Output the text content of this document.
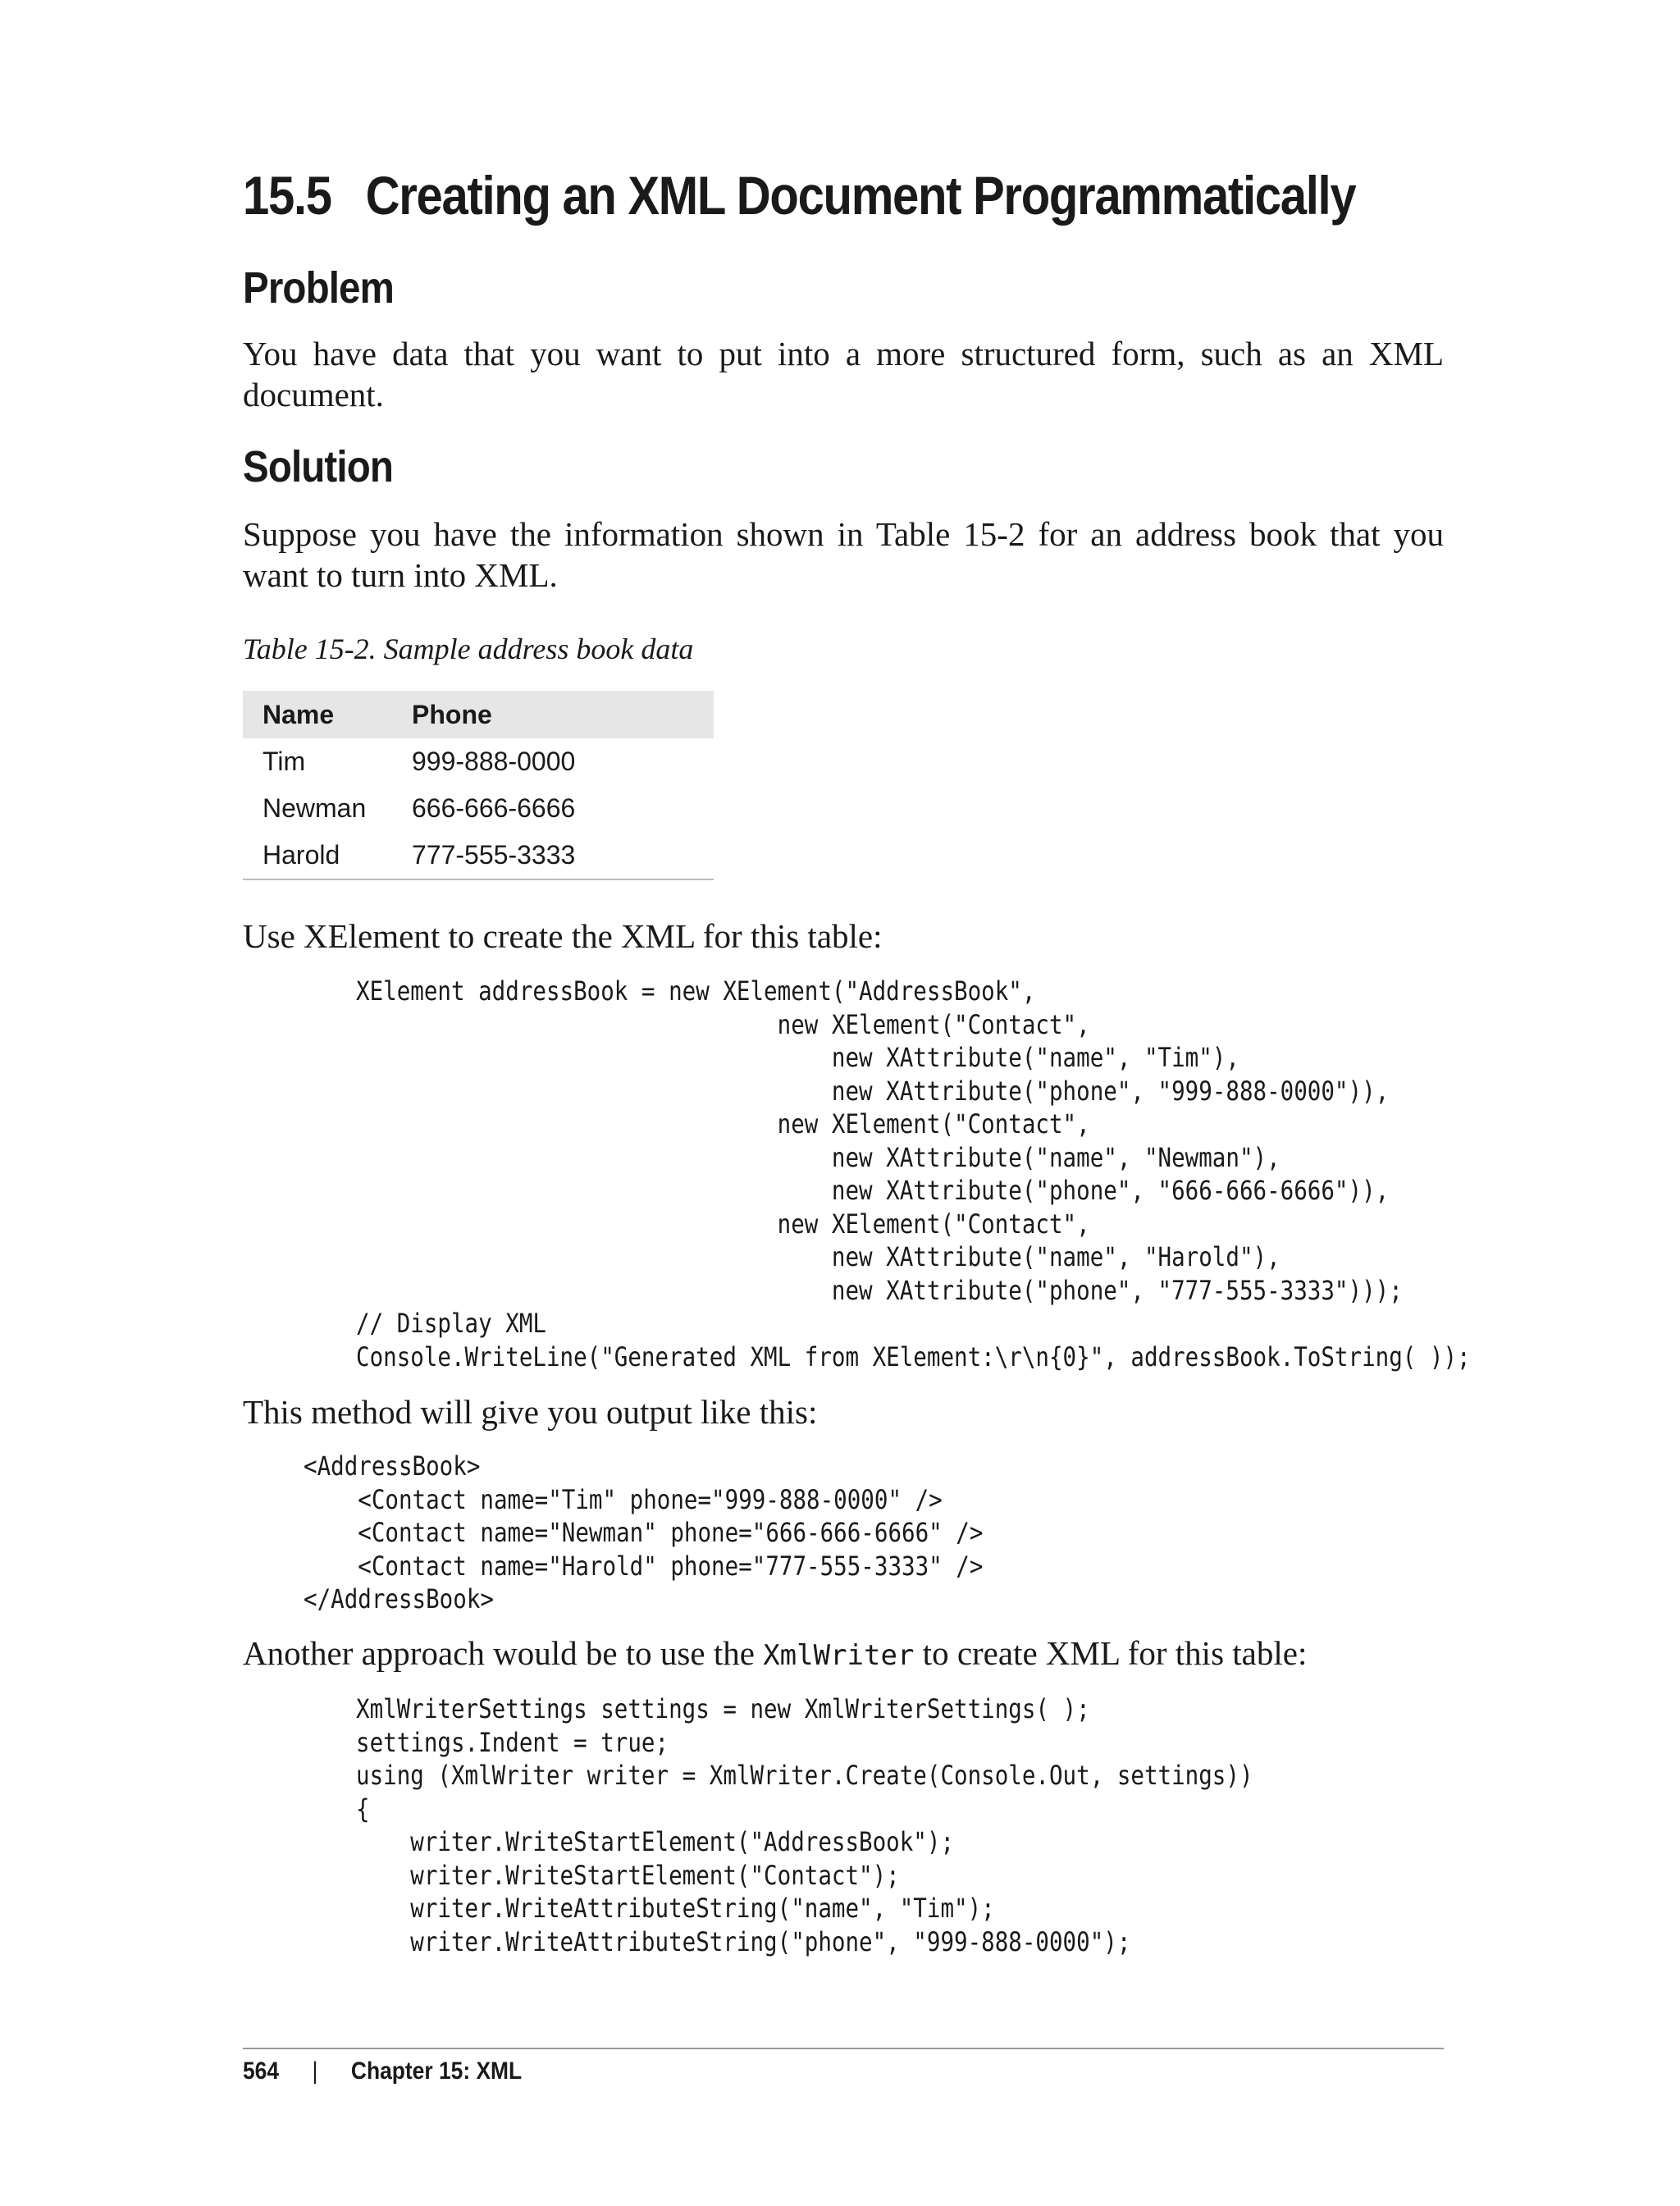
15.5 Creating an XML Document Programmatically
Problem

You have data that you want to put into a more structured form, such as an XML document.

Solution

Suppose you have the information shown in Table 15-2 for an address book that you want to turn into XML.

Table 15-2. Sample address book data

Name	Phone
Tim	999-888-0000
Newman	666-666-6666
Harold	777-555-3333

Use XElement to create the XML for this table:

XElement addressBook = new XElement("AddressBook",
new XElement("Contact",
new XAttribute("name", "Tim"),
new XAttribute("phone", "999-888-0000")),
new XElement("Contact",
new XAttribute("name", "Newman"),
new XAttribute("phone", "666-666-6666")),
new XElement("Contact",
new XAttribute("name", "Harold"),
new XAttribute("phone", "777-555-3333")));
// Display XML
Console.WriteLine("Generated XML from XElement:\r\n{0}", addressBook.ToString( ));

This method will give you output like this:

<AddressBook>
<Contact name="Tim" phone="999-888-0000" />
<Contact name="Newman" phone="666-666-6666" />
<Contact name="Harold" phone="777-555-3333" />
</AddressBook>

Another approach would be to use the XmlWriter to create XML for this table:

XmlWriterSettings settings = new XmlWriterSettings( );
settings.Indent = true;
using (XmlWriter writer = XmlWriter.Create(Console.Out, settings))
{
writer.WriteStartElement("AddressBook");
writer.WriteStartElement("Contact");
writer.WriteAttributeString("name", "Tim");
writer.WriteAttributeString("phone", "999-888-0000");
564 | Chapter 15: XML
